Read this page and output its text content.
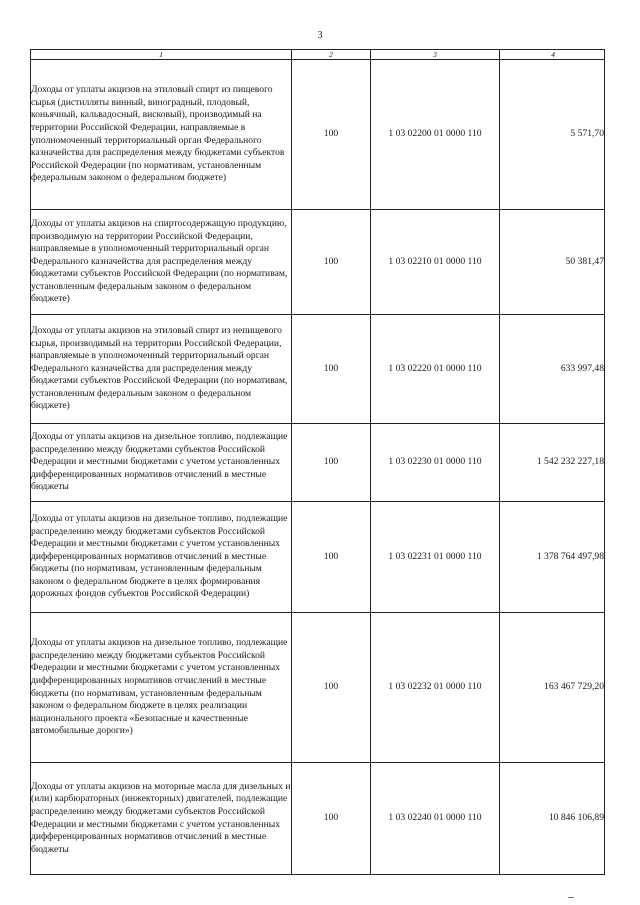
3
1	2	3	4
Доходы от уплаты акцизов на этиловый спирт из пищевого сырья (дистилляты винный, виноградный, плодовый, коньячный, кальвадосный, висковый), производимый на территории Российской Федерации, направляемые в уполномоченный территориальный орган Федерального казначейства для распределения между бюджетами субъектов Российской Федерации (по нормативам, установленным федеральным законом о федеральном бюджете)	100	1 03 02200 01 0000 110	5 571,70
Доходы от уплаты акцизов на спиртосодержащую продукцию, производимую на территории Российской Федерации, направляемые в уполномоченный территориальный орган Федерального казначейства для распределения между бюджетами субъектов Российской Федерации (по нормативам, установленным федеральным законом о федеральном бюджете)	100	1 03 02210 01 0000 110	50 381,47
Доходы от уплаты акцизов на этиловый спирт из непищевого сырья, производимый на территории Российской Федерации, направляемые в уполномоченный территориальный орган Федерального казначейства для распределения между бюджетами субъектов Российской Федерации (по нормативам, установленным федеральным законом о федеральном бюджете)	100	1 03 02220 01 0000 110	633 997,48
Доходы от уплаты акцизов на дизельное топливо, подлежащие распределению между бюджетами субъектов Российской Федерации и местными бюджетами с учетом установленных дифференцированных нормативов отчислений в местные бюджеты	100	1 03 02230 01 0000 110	1 542 232 227,18
Доходы от уплаты акцизов на дизельное топливо, подлежащие распределению между бюджетами субъектов Российской Федерации и местными бюджетами с учетом установленных дифференцированных нормативов отчислений в местные бюджеты (по нормативам, установленным федеральным законом о федеральном бюджете в целях формирования дорожных фондов субъектов Российской Федерации)	100	1 03 02231 01 0000 110	1 378 764 497,98
Доходы от уплаты акцизов на дизельное топливо, подлежащие распределению между бюджетами субъектов Российской Федерации и местными бюджетами с учетом установленных дифференцированных нормативов отчислений в местные бюджеты (по нормативам, установленным федеральным законом о федеральном бюджете в целях реализации национального проекта «Безопасные и качественные автомобильные дороги»)	100	1 03 02232 01 0000 110	163 467 729,20
Доходы от уплаты акцизов на моторные масла для дизельных и (или) карбюраторных (инжекторных) двигателей, подлежащие распределению между бюджетами субъектов Российской Федерации и местными бюджетами с учетом установленных дифференцированных нормативов отчислений в местные бюджеты	100	1 03 02240 01 0000 110	10 846 106,89
